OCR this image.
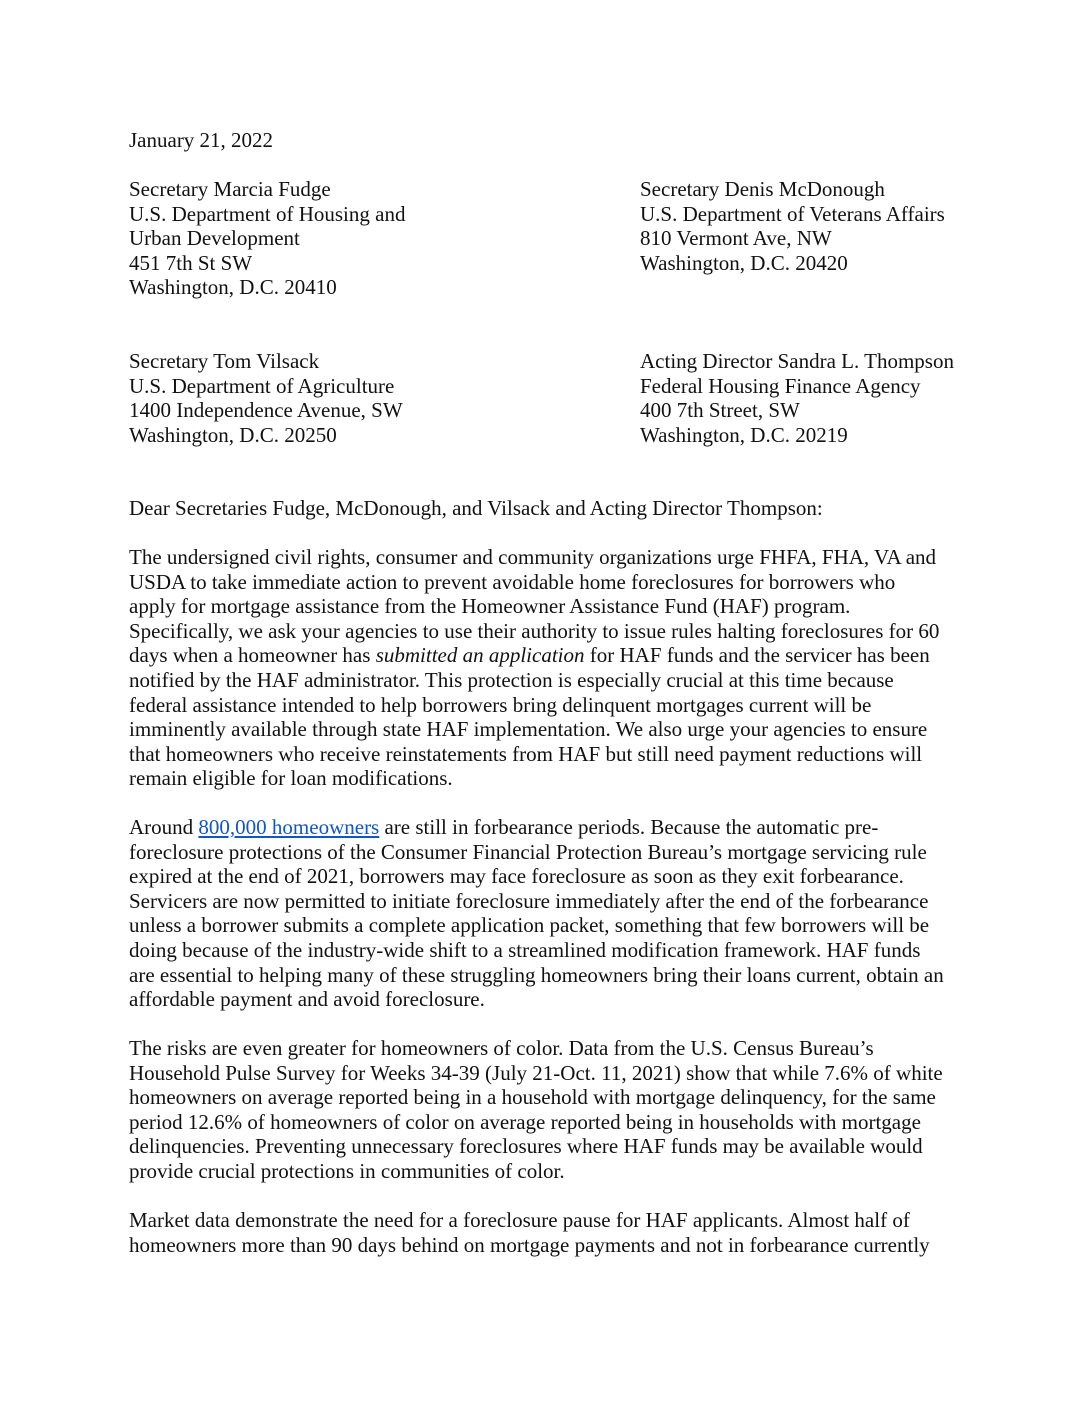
January 21, 2022
Secretary Marcia Fudge
U.S. Department of Housing and
Urban Development
451 7th St SW
Washington, D.C. 20410
Secretary Denis McDonough
U.S. Department of Veterans Affairs
810 Vermont Ave, NW
Washington, D.C. 20420
Secretary Tom Vilsack
U.S. Department of Agriculture
1400 Independence Avenue, SW
Washington, D.C. 20250
Acting Director Sandra L. Thompson
Federal Housing Finance Agency
400 7th Street, SW
Washington, D.C. 20219
Dear Secretaries Fudge, McDonough, and Vilsack and Acting Director Thompson:
The undersigned civil rights, consumer and community organizations urge FHFA, FHA, VA and
USDA to take immediate action to prevent avoidable home foreclosures for borrowers who
apply for mortgage assistance from the Homeowner Assistance Fund (HAF) program.
Specifically, we ask your agencies to use their authority to issue rules halting foreclosures for 60
days when a homeowner has submitted an application for HAF funds and the servicer has been
notified by the HAF administrator. This protection is especially crucial at this time because
federal assistance intended to help borrowers bring delinquent mortgages current will be
imminently available through state HAF implementation. We also urge your agencies to ensure
that homeowners who receive reinstatements from HAF but still need payment reductions will
remain eligible for loan modifications.
Around 800,000 homeowners are still in forbearance periods. Because the automatic pre-
foreclosure protections of the Consumer Financial Protection Bureau’s mortgage servicing rule
expired at the end of 2021, borrowers may face foreclosure as soon as they exit forbearance.
Servicers are now permitted to initiate foreclosure immediately after the end of the forbearance
unless a borrower submits a complete application packet, something that few borrowers will be
doing because of the industry-wide shift to a streamlined modification framework. HAF funds
are essential to helping many of these struggling homeowners bring their loans current, obtain an
affordable payment and avoid foreclosure.
The risks are even greater for homeowners of color. Data from the U.S. Census Bureau’s
Household Pulse Survey for Weeks 34-39 (July 21-Oct. 11, 2021) show that while 7.6% of white
homeowners on average reported being in a household with mortgage delinquency, for the same
period 12.6% of homeowners of color on average reported being in households with mortgage
delinquencies. Preventing unnecessary foreclosures where HAF funds may be available would
provide crucial protections in communities of color.
Market data demonstrate the need for a foreclosure pause for HAF applicants. Almost half of
homeowners more than 90 days behind on mortgage payments and not in forbearance currently
